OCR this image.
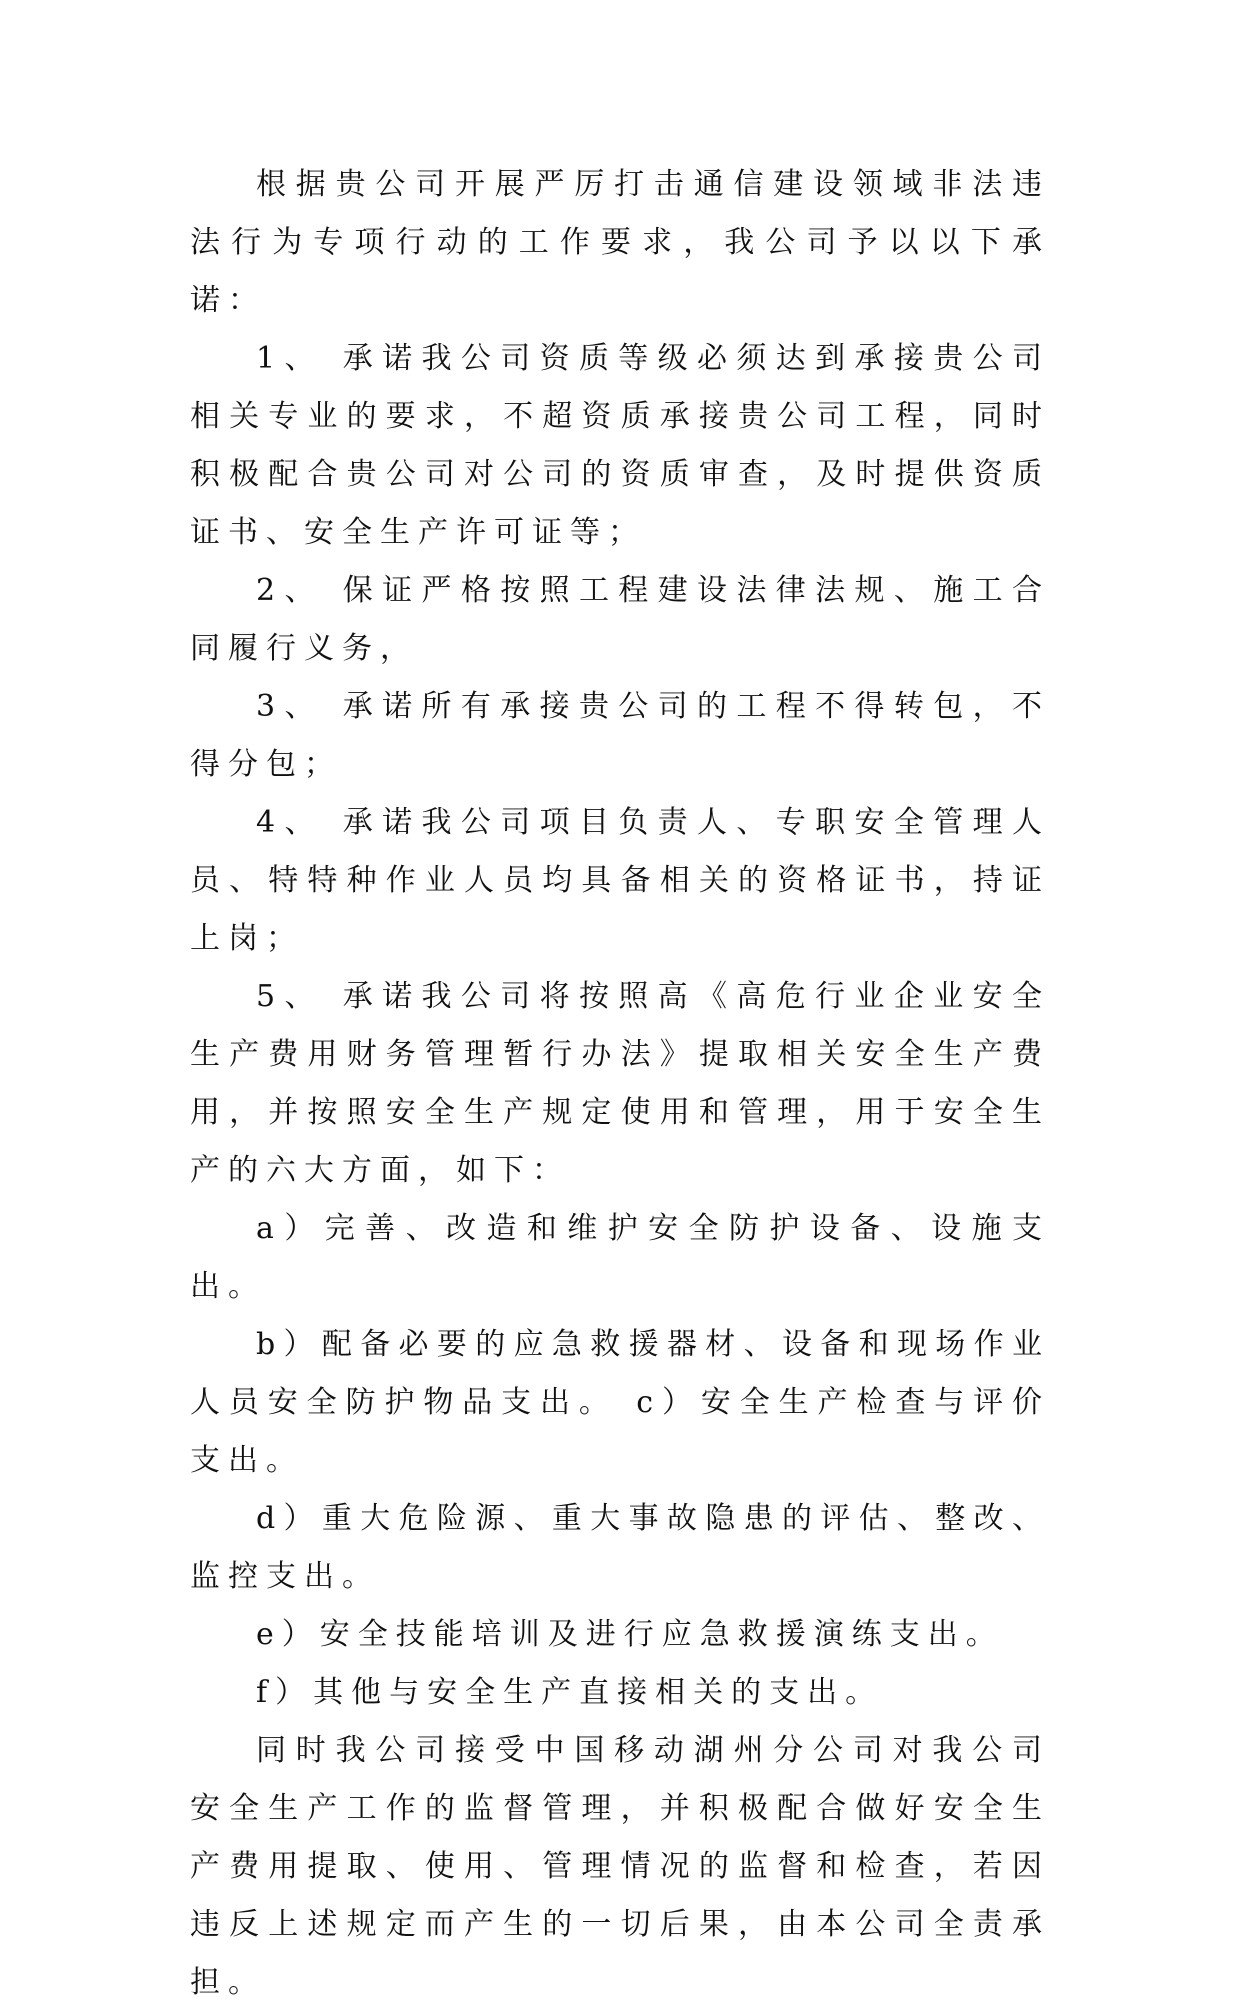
根据贵公司开展严厉打击通信建设领域非法违法行为专项行动的工作要求，我公司予以以下承诺：

1、 承诺我公司资质等级必须达到承接贵公司相关专业的要求，不超资质承接贵公司工程，同时积极配合贵公司对公司的资质审查，及时提供资质证书、安全生产许可证等；

2、 保证严格按照工程建设法律法规、施工合同履行义务，

3、 承诺所有承接贵公司的工程不得转包，不得分包；

4、 承诺我公司项目负责人、专职安全管理人员、特特种作业人员均具备相关的资格证书，持证上岗；

5、 承诺我公司将按照高《高危行业企业安全生产费用财务管理暂行办法》提取相关安全生产费用，并按照安全生产规定使用和管理，用于安全生产的六大方面，如下：

a）完善、改造和维护安全防护设备、设施支出。

b）配备必要的应急救援器材、设备和现场作业人员安全防护物品支出。 c）安全生产检查与评价支出。

d）重大危险源、重大事故隐患的评估、整改、监控支出。

e）安全技能培训及进行应急救援演练支出。

f）其他与安全生产直接相关的支出。

同时我公司接受中国移动湖州分公司对我公司安全生产工作的监督管理，并积极配合做好安全生产费用提取、使用、管理情况的监督和检查，若因违反上述规定而产生的一切后果，由本公司全责承担。
